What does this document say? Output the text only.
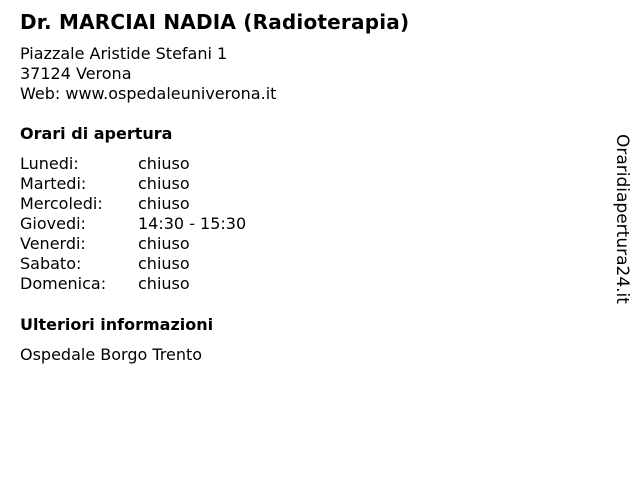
Dr. MARCIAI NADIA (Radioterapia)
Piazzale Aristide Stefani 1
37124 Verona
Web: www.ospedaleuniverona.it
Orari di apertura
Lunedi:	chiuso
Martedi:	chiuso
Mercoledi:	chiuso
Giovedi:	14:30 - 15:30
Venerdi:	chiuso
Sabato:	chiuso
Domenica:	chiuso
Ulteriori informazioni
Ospedale Borgo Trento
Oraridiapertura24.it
